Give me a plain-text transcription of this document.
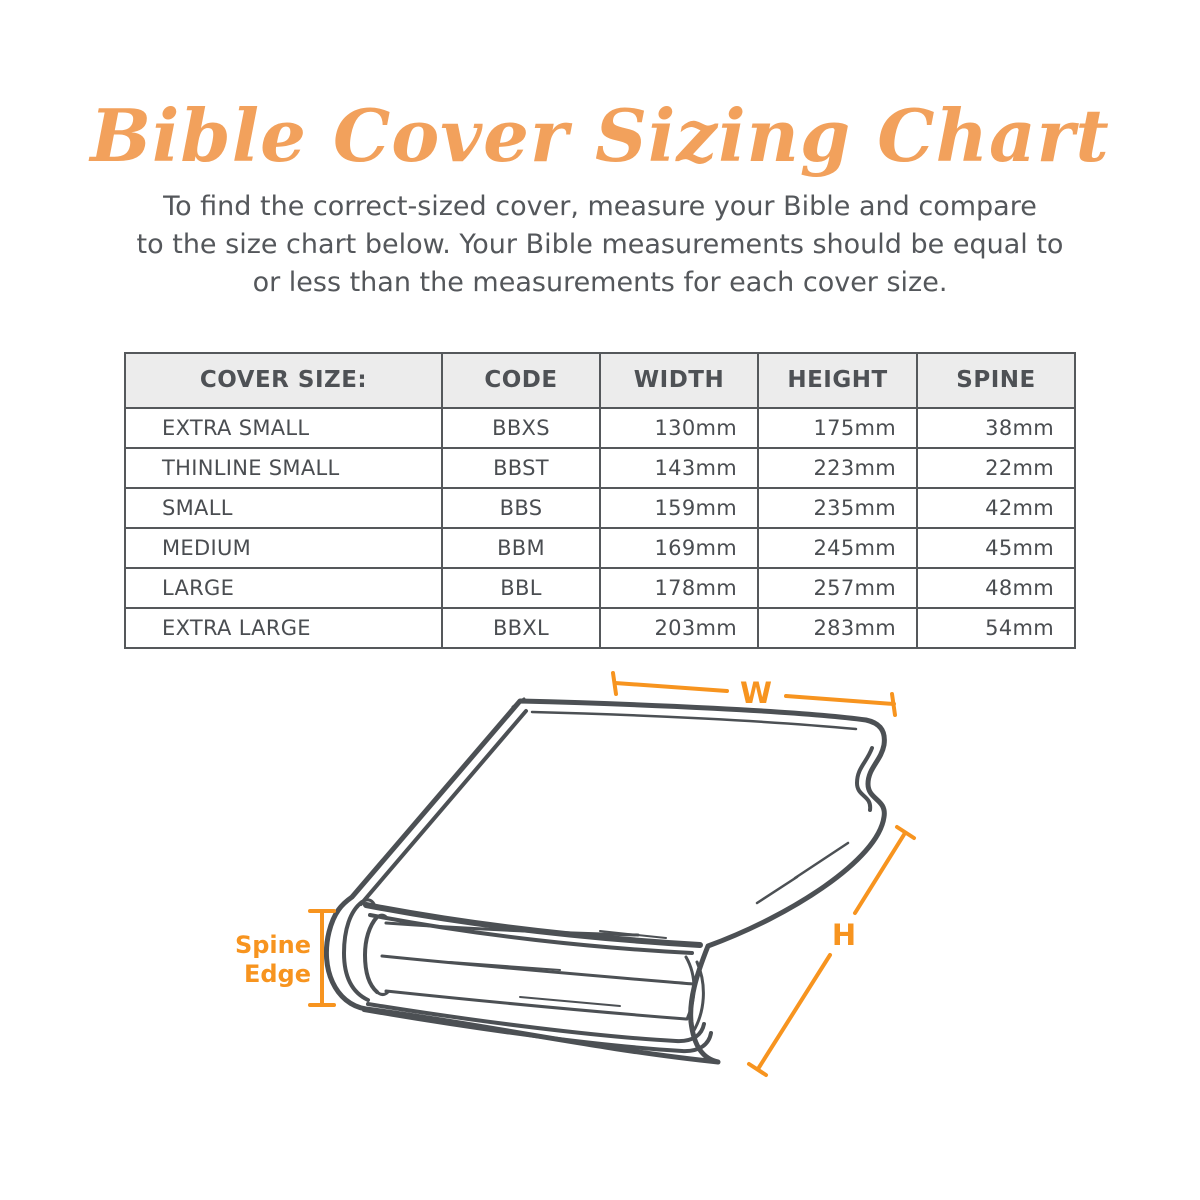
Bible Cover Sizing Chart
To find the correct-sized cover, measure your Bible and compare
to the size chart below. Your Bible measurements should be equal to
or less than the measurements for each cover size.
COVER SIZE:	CODE	WIDTH	HEIGHT	SPINE
EXTRA SMALL	BBXS	130mm	175mm	38mm
THINLINE SMALL	BBST	143mm	223mm	22mm
SMALL	BBS	159mm	235mm	42mm
MEDIUM	BBM	169mm	245mm	45mm
LARGE	BBL	178mm	257mm	48mm
EXTRA LARGE	BBXL	203mm	283mm	54mm
W
H
Spine
Edge
